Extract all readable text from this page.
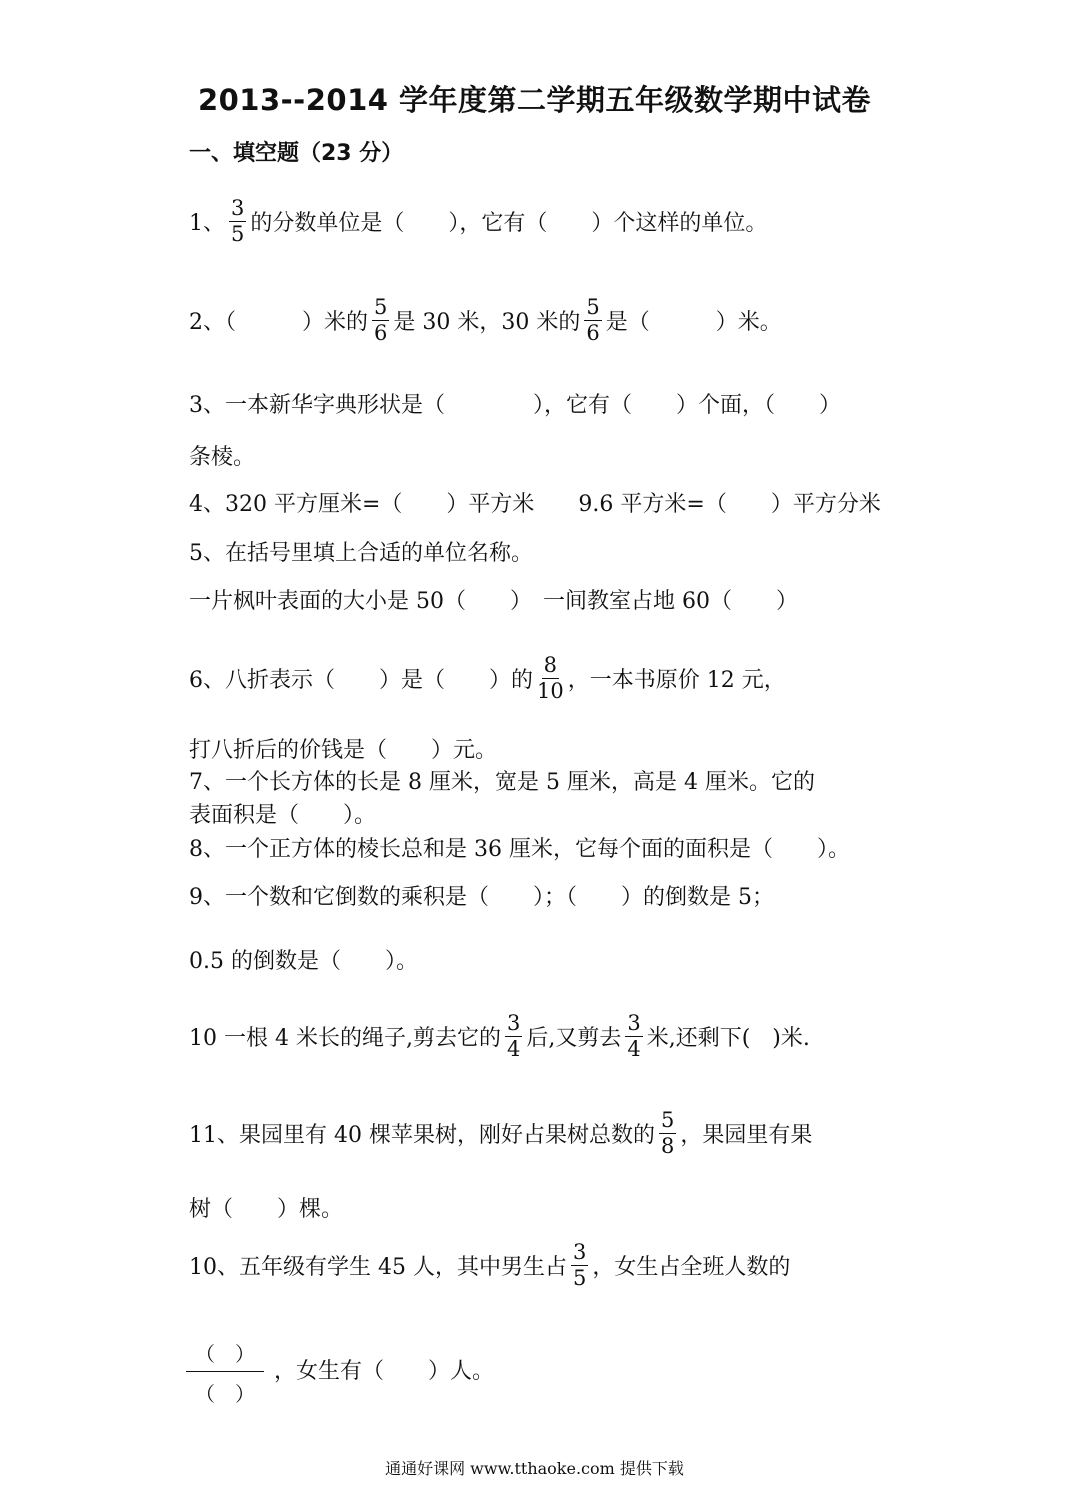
2013--2014 学年度第二学期五年级数学期中试卷
一、填空题（23 分）
1、 $\frac{3}{5}$ 的分数单位是（　　），它有（　　）个这样的单位。
2、（　　　）米的 $\frac{5}{6}$ 是 30 米，30 米的 $\frac{5}{6}$ 是（　　　）米。
3、一本新华字典形状是（　　　　），它有（　　）个面，（　　）
条棱。
4、320 平方厘米=（　　）平方米　　9.6 平方米=（　　）平方分米
5、在括号里填上合适的单位名称。
一片枫叶表面的大小是 50（　　）　一间教室占地 60（　　）
6、八折表示（　　）是（　　）的 $\frac{8}{10}$ ，一本书原价 12 元，
打八折后的价钱是（　　）元。
7、一个长方体的长是 8 厘米，宽是 5 厘米，高是 4 厘米。它的
表面积是（　　）。
8、一个正方体的棱长总和是 36 厘米，它每个面的面积是（　　）。
9、一个数和它倒数的乘积是（　　）；（　　）的倒数是 5；
0.5 的倒数是（　　）。
10 一根 4 米长的绳子,剪去它的 $\frac{3}{4}$ 后,又剪去 $\frac{3}{4}$ 米,还剩下(　)米.
11、果园里有 40 棵苹果树，刚好占果树总数的 $\frac{5}{8}$ ，果园里有果
树（　　）棵。
10、五年级有学生 45 人，其中男生占 $\frac{3}{5}$ ，女生占全班人数的
（　）
（　）
，女生有（　　）人。
通通好课网 www.tthaoke.com 提供下载
